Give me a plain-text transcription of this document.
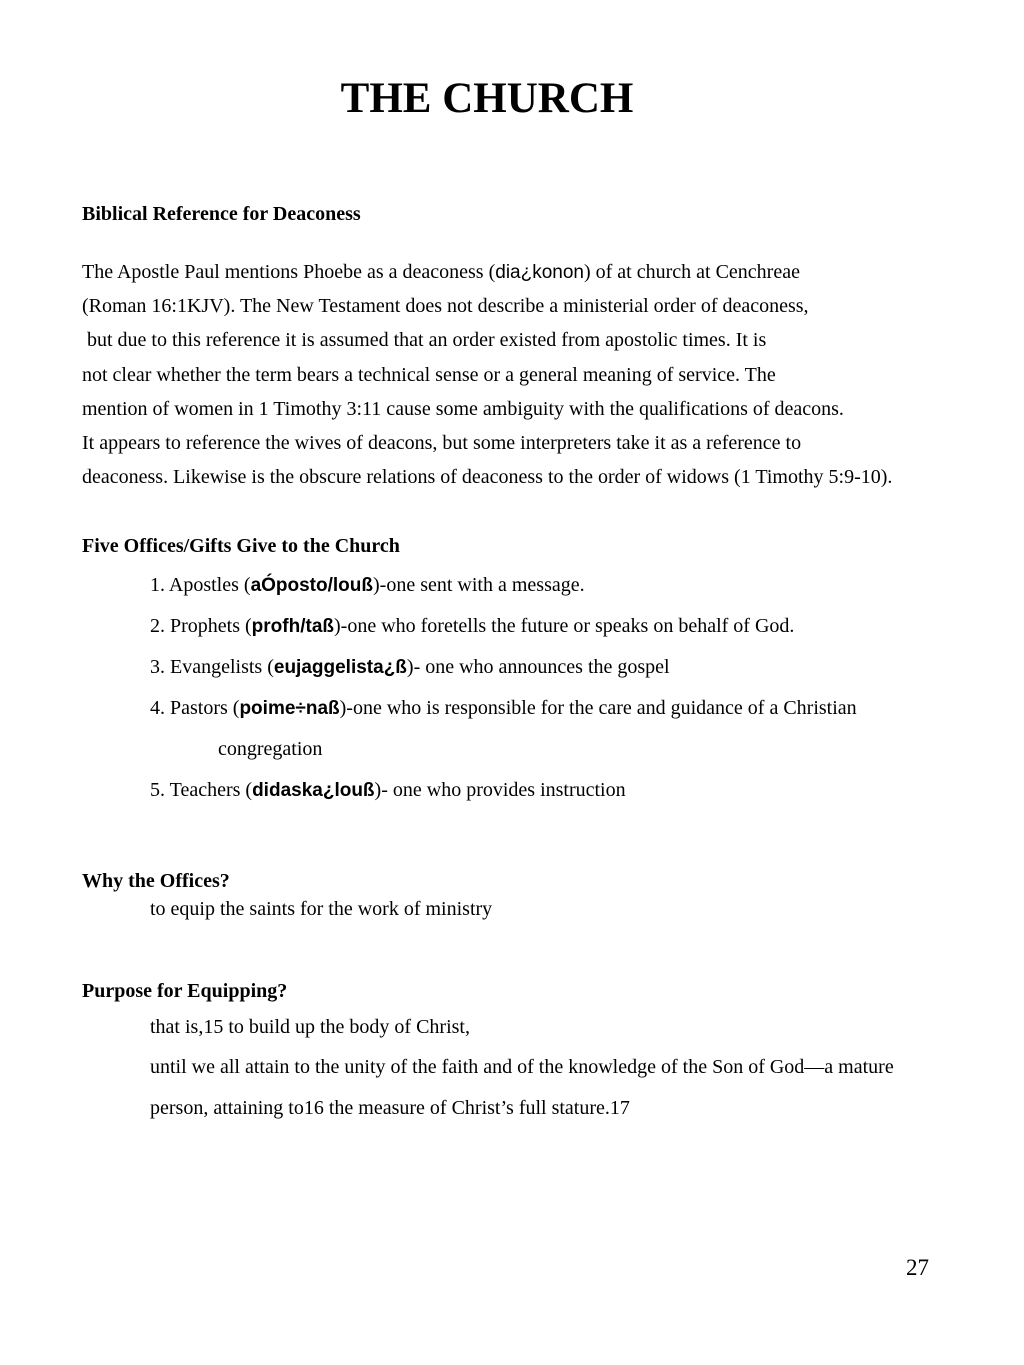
THE CHURCH
Biblical Reference for Deaconess
The Apostle Paul mentions Phoebe as a deaconess (dia¿konon) of at church at Cenchreae
(Roman 16:1KJV). The New Testament does not describe a ministerial order of deaconess,
but due to this reference it is assumed that an order existed from apostolic times. It is
not clear whether the term bears a technical sense or a general meaning of service. The
mention of women in 1 Timothy 3:11 cause some ambiguity with the qualifications of deacons.
It appears to reference the wives of deacons, but some interpreters take it as a reference to
deaconess. Likewise is the obscure relations of deaconess to the order of widows (1 Timothy 5:9-10).
Five Offices/Gifts Give to the Church
1. Apostles (aÓposto/louß)-one sent with a message.
2. Prophets (profh/taß)-one who foretells the future or speaks on behalf of God.
3. Evangelists (eujaggelista¿ß)- one who announces the gospel
4. Pastors (poime÷naß)-one who is responsible for the care and guidance of a Christian
congregation
5. Teachers (didaska¿louß)- one who provides instruction
Why the Offices?
to equip the saints for the work of ministry
Purpose for Equipping?
that is,15 to build up the body of Christ,
until we all attain to the unity of the faith and of the knowledge of the Son of God—a mature
person, attaining to16 the measure of Christ’s full stature.17
27
